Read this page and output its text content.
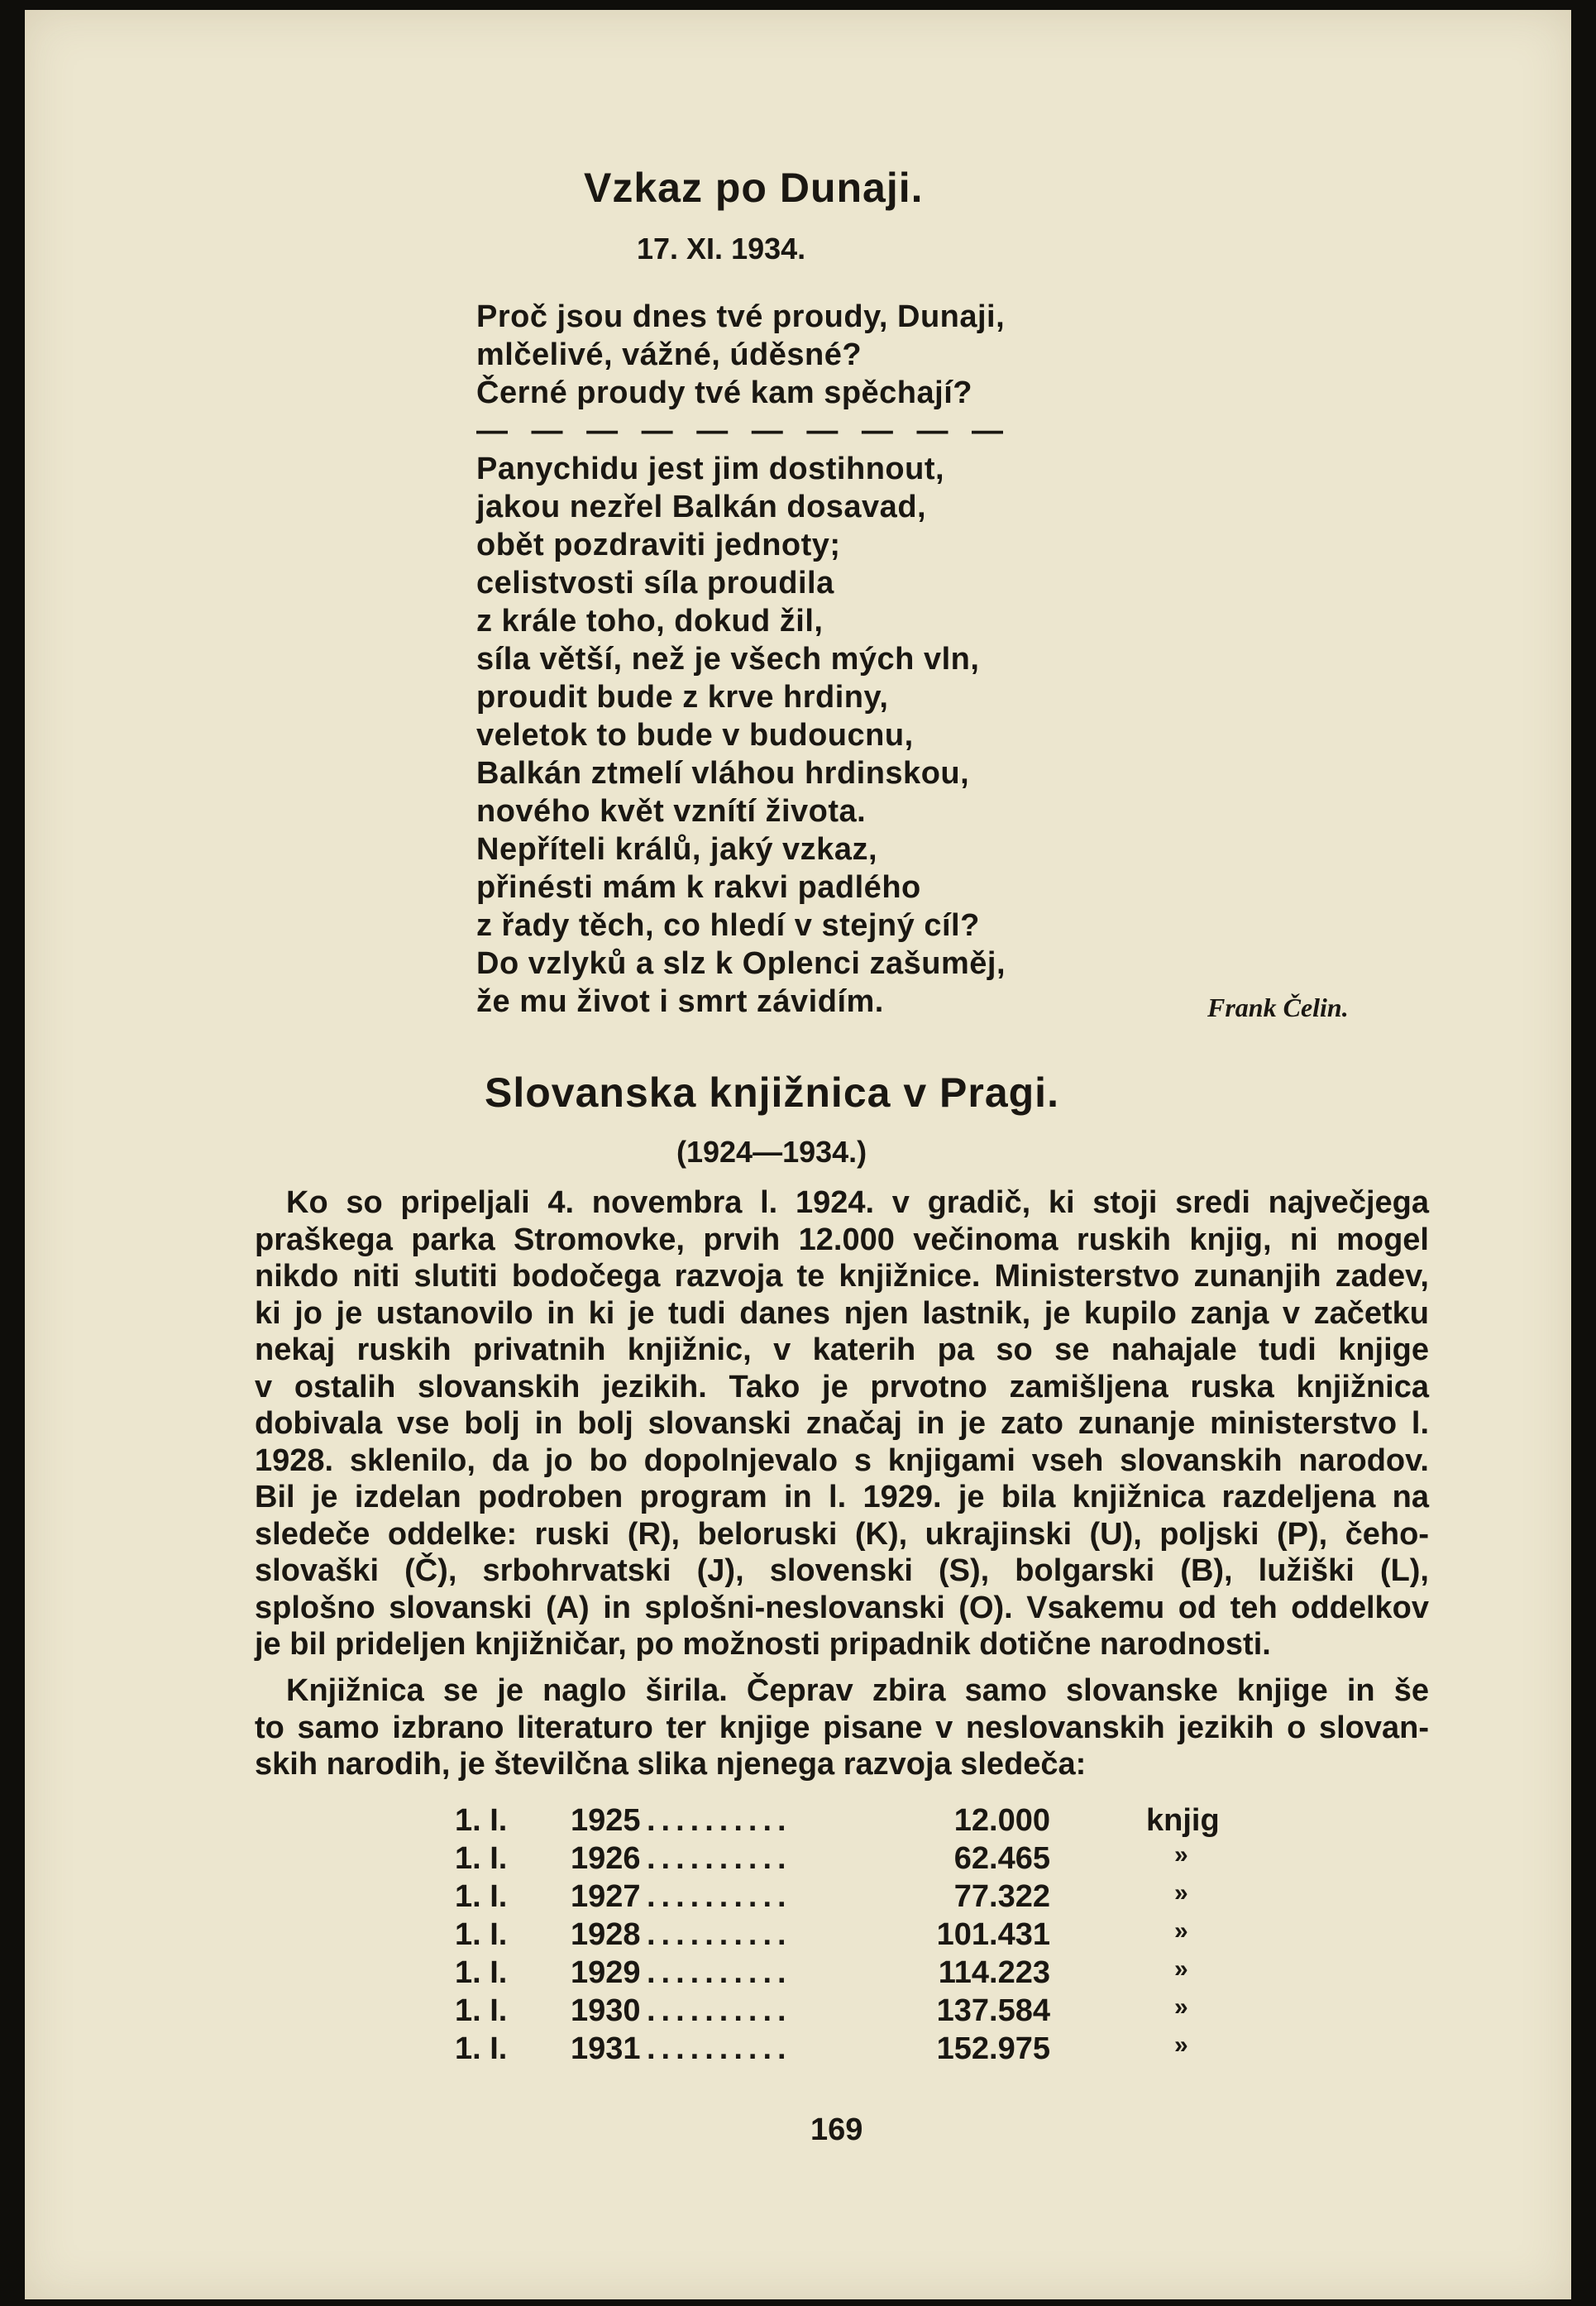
Vzkaz po Dunaji.
17. XI. 1934.
Proč jsou dnes tvé proudy, Dunaji,
mlčelivé, vážné, úděsné?
Černé proudy tvé kam spěchají?
— — — — — — — — — —
Panychidu jest jim dostihnout,
jakou nezřel Balkán dosavad,
obět pozdraviti jednoty;
celistvosti síla proudila
z krále toho, dokud žil,
síla větší, než je všech mých vln,
proudit bude z krve hrdiny,
veletok to bude v budoucnu,
Balkán ztmelí vláhou hrdinskou,
nového květ vznítí života.
Nepříteli králů, jaký vzkaz,
přinésti mám k rakvi padlého
z řady těch, co hledí v stejný cíl?
Do vzlyků a slz k Oplenci zašuměj,
že mu život i smrt závidím.	Frank Čelin.
Slovanska knjižnica v Pragi.
(1924—1934.)
Ko so pripeljali 4. novembra l. 1924. v gradič, ki stoji sredi največjega
praškega parka Stromovke, prvih 12.000 večinoma ruskih knjig, ni mogel
nikdo niti slutiti bodočega razvoja te knjižnice. Ministerstvo zunanjih zadev,
ki jo je ustanovilo in ki je tudi danes njen lastnik, je kupilo zanja v začetku
nekaj ruskih privatnih knjižnic, v katerih pa so se nahajale tudi knjige
v ostalih slovanskih jezikih. Tako je prvotno zamišljena ruska knjižnica
dobivala vse bolj in bolj slovanski značaj in je zato zunanje ministerstvo l.
1928. sklenilo, da jo bo dopolnjevalo s knjigami vseh slovanskih narodov.
Bil je izdelan podroben program in l. 1929. je bila knjižnica razdeljena na
sledeče oddelke: ruski (R), beloruski (K), ukrajinski (U), poljski (P), čeho-
slovaški (Č), srbohrvatski (J), slovenski (S), bolgarski (B), lužiški (L),
splošno slovanski (A) in splošni-neslovanski (O). Vsakemu od teh oddelkov
je bil prideljen knjižničar, po možnosti pripadnik dotične narodnosti.
Knjižnica se je naglo širila. Čeprav zbira samo slovanske knjige in še
to samo izbrano literaturo ter knjige pisane v neslovanskih jezikih o slovan-
skih narodih, je številčna slika njenega razvoja sledeča:
1. I. 1925 ..........	12.000	knjig
1. I. 1926 ..........	62.465	»
1. I. 1927 ..........	77.322	»
1. I. 1928 ..........	101.431	»
1. I. 1929 ..........	114.223	»
1. I. 1930 ..........	137.584	»
1. I. 1931 ..........	152.975	»
169
